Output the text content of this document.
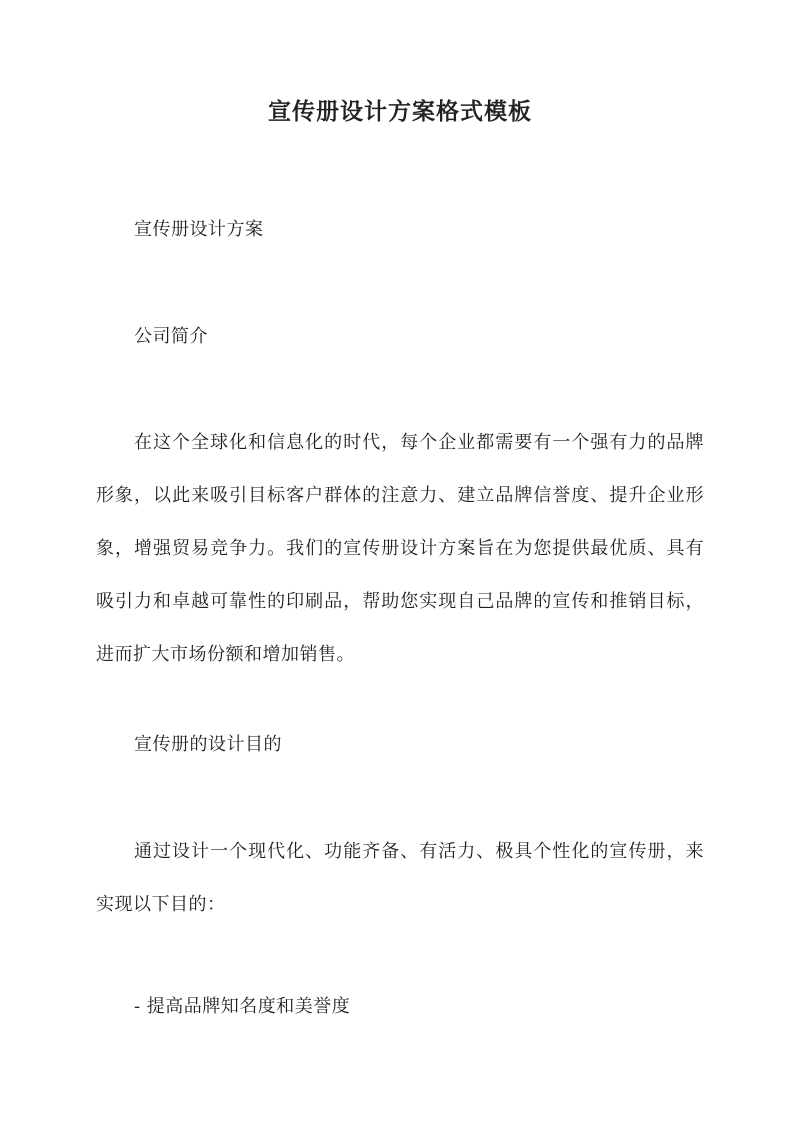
宣传册设计方案格式模板

宣传册设计方案

公司简介

在这个全球化和信息化的时代，每个企业都需要有一个强有力的品牌形象，以此来吸引目标客户群体的注意力、建立品牌信誉度、提升企业形象，增强贸易竞争力。我们的宣传册设计方案旨在为您提供最优质、具有吸引力和卓越可靠性的印刷品，帮助您实现自己品牌的宣传和推销目标，进而扩大市场份额和增加销售。

宣传册的设计目的

通过设计一个现代化、功能齐备、有活力、极具个性化的宣传册，来实现以下目的：

- 提高品牌知名度和美誉度
